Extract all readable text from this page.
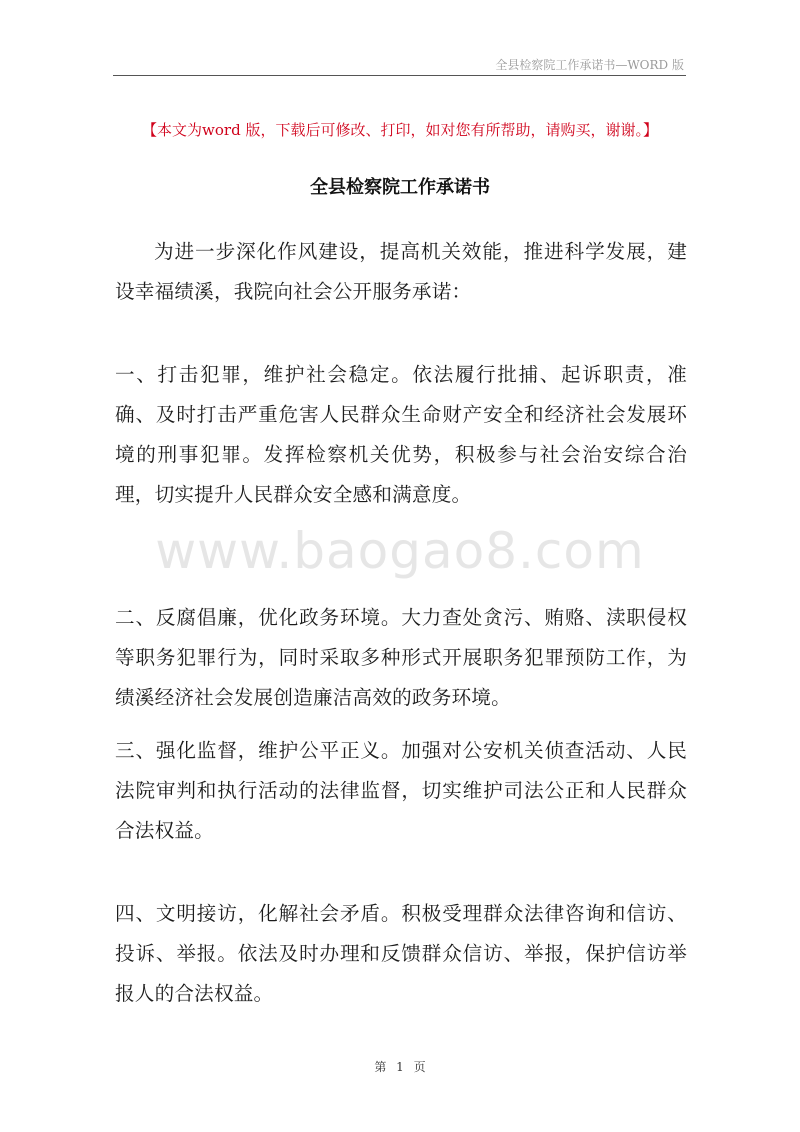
全县检察院工作承诺书—WORD 版
【本文为word 版，下载后可修改、打印，如对您有所帮助，请购买，谢谢。】
全县检察院工作承诺书

为进一步深化作风建设，提高机关效能，推进科学发展，建设幸福绩溪，我院向社会公开服务承诺：

一、打击犯罪，维护社会稳定。依法履行批捕、起诉职责，准确、及时打击严重危害人民群众生命财产安全和经济社会发展环境的刑事犯罪。发挥检察机关优势，积极参与社会治安综合治理，切实提升人民群众安全感和满意度。

二、反腐倡廉，优化政务环境。大力查处贪污、贿赂、渎职侵权等职务犯罪行为，同时采取多种形式开展职务犯罪预防工作，为绩溪经济社会发展创造廉洁高效的政务环境。

三、强化监督，维护公平正义。加强对公安机关侦查活动、人民法院审判和执行活动的法律监督，切实维护司法公正和人民群众合法权益。

四、文明接访，化解社会矛盾。积极受理群众法律咨询和信访、投诉、举报。依法及时办理和反馈群众信访、举报，保护信访举报人的合法权益。

www.baogao8.com
第 1 页
